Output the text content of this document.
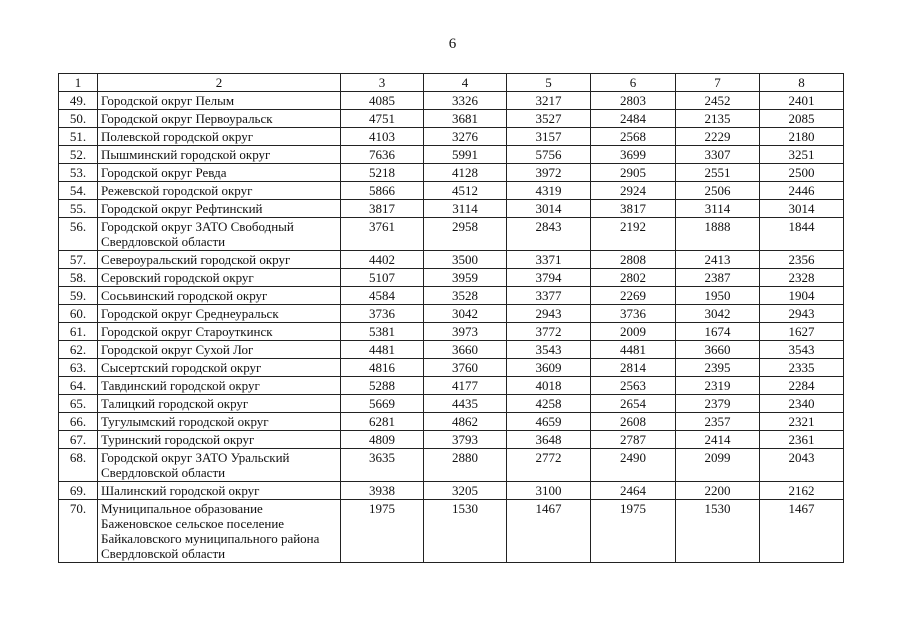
6
1	2	3	4	5	6	7	8
49.	Городской округ Пелым	4085	3326	3217	2803	2452	2401
50.	Городской округ Первоуральск	4751	3681	3527	2484	2135	2085
51.	Полевской городской округ	4103	3276	3157	2568	2229	2180
52.	Пышминский городской округ	7636	5991	5756	3699	3307	3251
53.	Городской округ Ревда	5218	4128	3972	2905	2551	2500
54.	Режевской городской округ	5866	4512	4319	2924	2506	2446
55.	Городской округ Рефтинский	3817	3114	3014	3817	3114	3014
56.	Городской округ ЗАТО Свободный Свердловской области	3761	2958	2843	2192	1888	1844
57.	Североуральский городской округ	4402	3500	3371	2808	2413	2356
58.	Серовский городской округ	5107	3959	3794	2802	2387	2328
59.	Сосьвинский городской округ	4584	3528	3377	2269	1950	1904
60.	Городской округ Среднеуральск	3736	3042	2943	3736	3042	2943
61.	Городской округ Староуткинск	5381	3973	3772	2009	1674	1627
62.	Городской округ Сухой Лог	4481	3660	3543	4481	3660	3543
63.	Сысертский городской округ	4816	3760	3609	2814	2395	2335
64.	Тавдинский городской округ	5288	4177	4018	2563	2319	2284
65.	Талицкий городской округ	5669	4435	4258	2654	2379	2340
66.	Тугулымский городской округ	6281	4862	4659	2608	2357	2321
67.	Туринский городской округ	4809	3793	3648	2787	2414	2361
68.	Городской округ ЗАТО Уральский Свердловской области	3635	2880	2772	2490	2099	2043
69.	Шалинский городской округ	3938	3205	3100	2464	2200	2162
70.	Муниципальное образование Баженовское сельское поселение Байкаловского муниципального района Свердловской области	1975	1530	1467	1975	1530	1467
